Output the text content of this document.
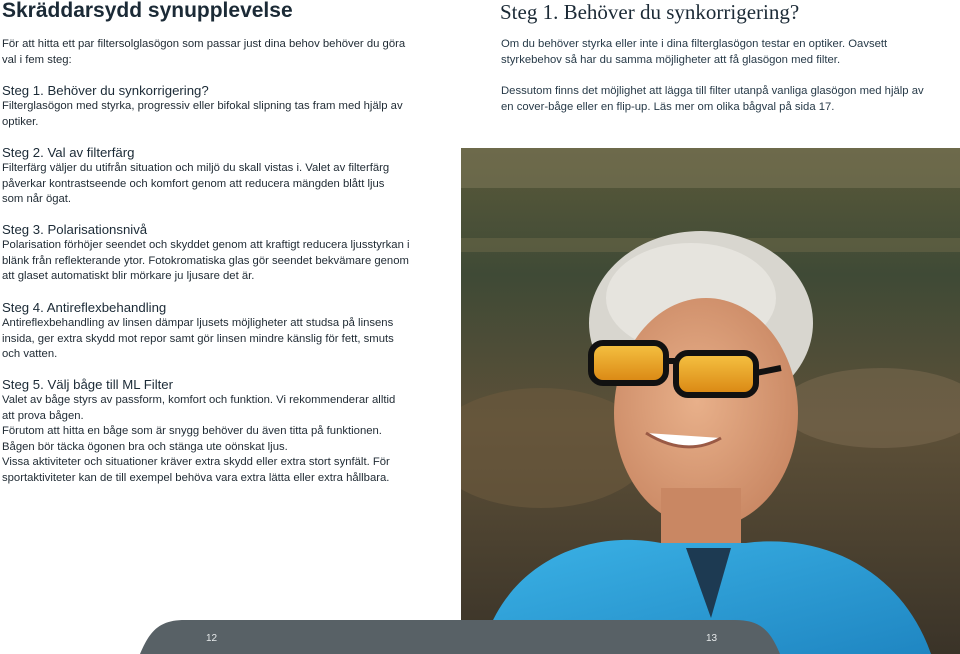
Skräddarsydd synupplevelse
För att hitta ett par filtersolglasögon som passar just dina behov behöver du göra val i fem steg:
Steg 1. Behöver du synkorrigering?
Filterglasögon med styrka, progressiv eller bifokal slipning tas fram med hjälp av optiker.
Steg 2. Val av filterfärg
Filterfärg väljer du utifrån situation och miljö du skall vistas i. Valet av filterfärg påverkar kontrastseende och komfort genom att reducera mängden blått ljus som når ögat.
Steg 3. Polarisationsnivå
Polarisation förhöjer seendet och skyddet genom att kraftigt reducera ljusstyrkan i blänk från reflekterande ytor. Fotokromatiska glas gör seendet bekvämare genom att glaset automatiskt blir mörkare ju ljusare det är.
Steg 4. Antireflexbehandling
Antireflexbehandling av linsen dämpar ljusets möjligheter att studsa på linsens insida, ger extra skydd mot repor samt gör linsen mindre känslig för fett, smuts och vatten.
Steg 5. Välj båge till ML Filter
Valet av båge styrs av passform, komfort och funktion. Vi rekommenderar alltid att prova bågen.
Förutom att hitta en båge som är snygg behöver du även titta på funktionen. Bågen bör täcka ögonen bra och stänga ute oönskat ljus.
Vissa aktiviteter och situationer kräver extra skydd eller extra stort synfält. För sportaktiviteter kan de till exempel behöva vara extra lätta eller extra hållbara.
Steg 1. Behöver du synkorrigering?
Om du behöver styrka eller inte i dina filterglasögon testar en optiker. Oavsett styrkebehov så har du samma möjligheter att få glasögon med filter.
Dessutom finns det möjlighet att lägga till filter utanpå vanliga glasögon med hjälp av en cover-båge eller en flip-up. Läs mer om olika bågval på sida 17.
12	13
